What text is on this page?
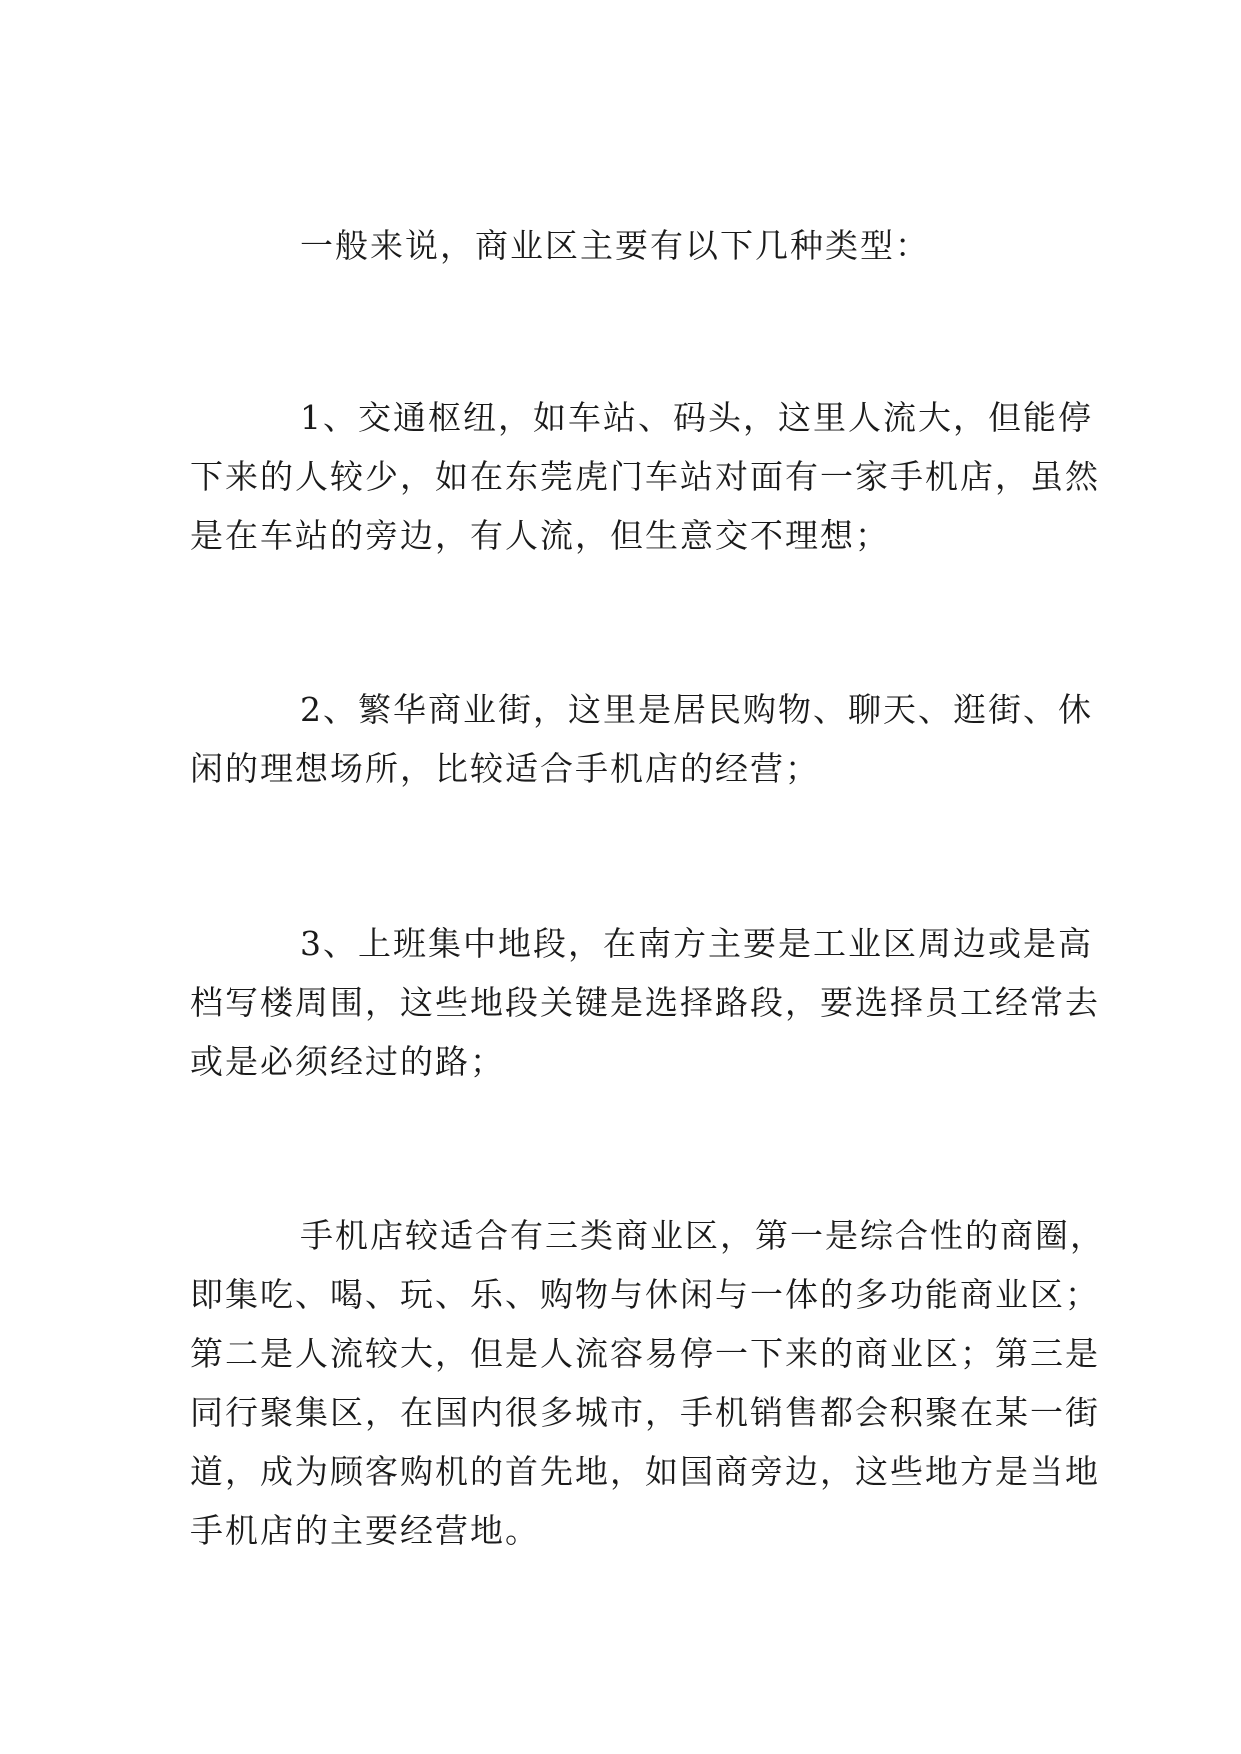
一般来说，商业区主要有以下几种类型：

1、交通枢纽，如车站、码头，这里人流大，但能停
下来的人较少，如在东莞虎门车站对面有一家手机店，虽然
是在车站的旁边，有人流，但生意交不理想；

2、繁华商业街，这里是居民购物、聊天、逛街、休
闲的理想场所，比较适合手机店的经营；

3、上班集中地段，在南方主要是工业区周边或是高
档写楼周围，这些地段关键是选择路段，要选择员工经常去
或是必须经过的路；

手机店较适合有三类商业区，第一是综合性的商圈，
即集吃、喝、玩、乐、购物与休闲与一体的多功能商业区；
第二是人流较大，但是人流容易停一下来的商业区；第三是
同行聚集区，在国内很多城市，手机销售都会积聚在某一街
道，成为顾客购机的首先地，如国商旁边，这些地方是当地
手机店的主要经营地。
